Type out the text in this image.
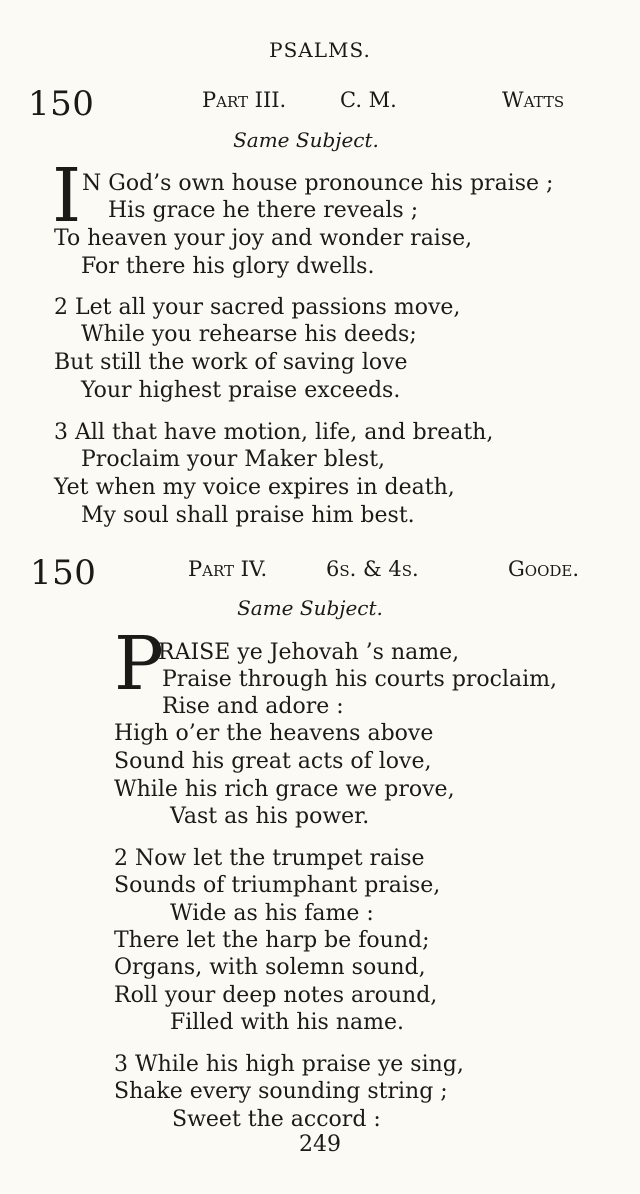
PSALMS.
150	Part III.	C. M.	Watts
Same Subject.
I N God’s own house pronounce his praise ;
His grace he there reveals ;
To heaven your joy and wonder raise,
For there his glory dwells.
2 Let all your sacred passions move,
While you rehearse his deeds;
But still the work of saving love
Your highest praise exceeds.
3 All that have motion, life, and breath,
Proclaim your Maker blest,
Yet when my voice expires in death,
My soul shall praise him best.
150	Part IV.	6s. & 4s.	Goode.
Same Subject.
P
RAISE ye Jehovah ’s name,
Praise through his courts proclaim,
Rise and adore :
High o’er the heavens above
Sound his great acts of love,
While his rich grace we prove,
Vast as his power.
2 Now let the trumpet raise
Sounds of triumphant praise,
Wide as his fame :
There let the harp be found;
Organs, with solemn sound,
Roll your deep notes around,
Filled with his name.
3 While his high praise ye sing,
Shake every sounding string ;
Sweet the accord :
249
